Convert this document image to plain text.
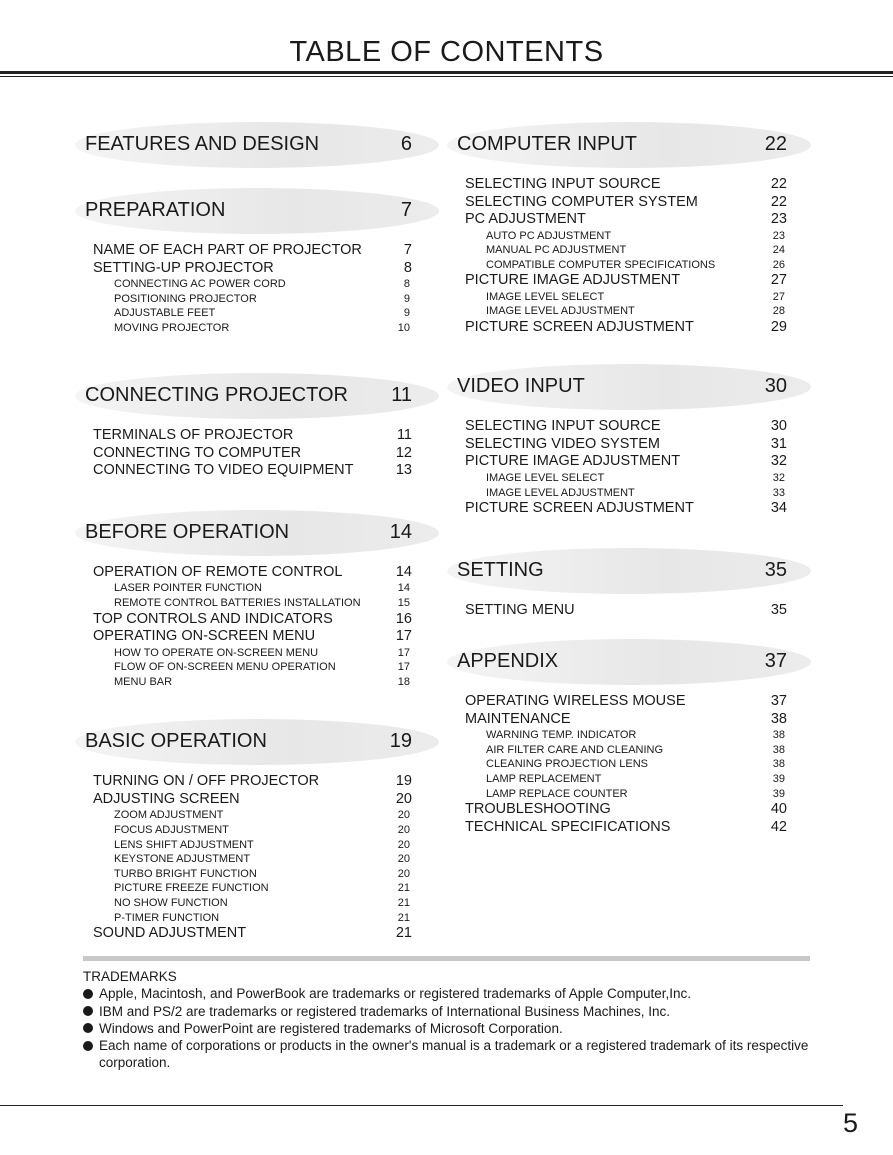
TABLE OF CONTENTS
FEATURES AND DESIGN	6
PREPARATION	7
NAME OF EACH PART OF PROJECTOR	7
SETTING-UP PROJECTOR	8
CONNECTING AC POWER CORD	8
POSITIONING PROJECTOR	9
ADJUSTABLE FEET	9
MOVING PROJECTOR	10
CONNECTING PROJECTOR 11
TERMINALS OF PROJECTOR	11
CONNECTING TO COMPUTER	12
CONNECTING TO VIDEO EQUIPMENT	13
BEFORE OPERATION	14
OPERATION OF REMOTE CONTROL	14
LASER POINTER FUNCTION	14
REMOTE CONTROL BATTERIES INSTALLATION	15
TOP CONTROLS AND INDICATORS	16
OPERATING ON-SCREEN MENU	17
HOW TO OPERATE ON-SCREEN MENU	17
FLOW OF ON-SCREEN MENU OPERATION	17
MENU BAR	18
BASIC OPERATION	19
TURNING ON / OFF PROJECTOR	19
ADJUSTING SCREEN	20
ZOOM ADJUSTMENT	20
FOCUS ADJUSTMENT	20
LENS SHIFT ADJUSTMENT	20
KEYSTONE ADJUSTMENT	20
TURBO BRIGHT FUNCTION	20
PICTURE FREEZE FUNCTION	21
NO SHOW FUNCTION	21
P-TIMER FUNCTION	21
SOUND ADJUSTMENT	21
COMPUTER INPUT	22
SELECTING INPUT SOURCE	22
SELECTING COMPUTER SYSTEM	22
PC ADJUSTMENT	23
AUTO PC ADJUSTMENT	23
MANUAL PC ADJUSTMENT	24
COMPATIBLE COMPUTER SPECIFICATIONS	26
PICTURE IMAGE ADJUSTMENT	27
IMAGE LEVEL SELECT	27
IMAGE LEVEL ADJUSTMENT	28
PICTURE SCREEN ADJUSTMENT	29
VIDEO INPUT	30
SELECTING INPUT SOURCE	30
SELECTING VIDEO SYSTEM	31
PICTURE IMAGE ADJUSTMENT	32
IMAGE LEVEL SELECT	32
IMAGE LEVEL ADJUSTMENT	33
PICTURE SCREEN ADJUSTMENT	34
SETTING	35
SETTING MENU	35
APPENDIX	37
OPERATING WIRELESS MOUSE	37
MAINTENANCE	38
WARNING TEMP. INDICATOR	38
AIR FILTER CARE AND CLEANING	38
CLEANING PROJECTION LENS	38
LAMP REPLACEMENT	39
LAMP REPLACE COUNTER	39
TROUBLESHOOTING	40
TECHNICAL SPECIFICATIONS	42
TRADEMARKS
Apple, Macintosh, and PowerBook are trademarks or registered trademarks of Apple Computer,Inc.
IBM and PS/2 are trademarks or registered trademarks of International Business Machines, Inc.
Windows and PowerPoint are registered trademarks of Microsoft Corporation.
Each name of corporations or products in the owner's manual is a trademark or a registered trademark of its respective corporation.
5
